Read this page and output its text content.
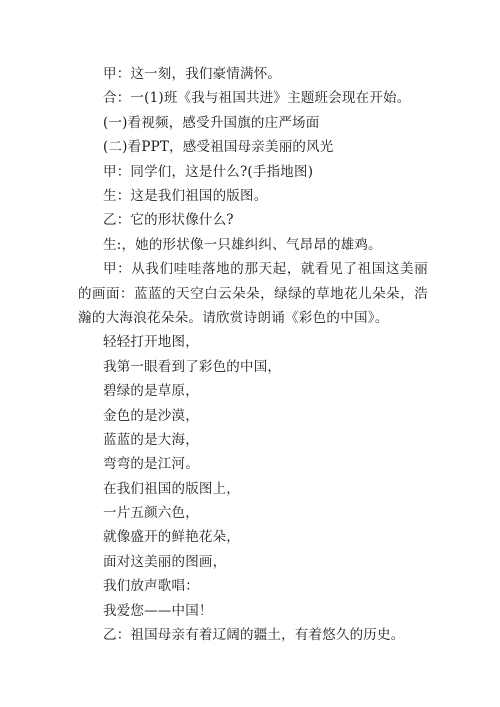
甲：这一刻，我们豪情满怀。
合：一(1)班《我与祖国共进》主题班会现在开始。
(一)看视频，感受升国旗的庄严场面
(二)看PPT，感受祖国母亲美丽的风光
甲：同学们，这是什么?(手指地图)
生：这是我们祖国的版图。
乙：它的形状像什么?
生:，她的形状像一只雄纠纠、气昂昂的雄鸡。

甲：从我们哇哇落地的那天起，就看见了祖国这美丽的画面：蓝蓝的天空白云朵朵，绿绿的草地花儿朵朵，浩瀚的大海浪花朵朵。请欣赏诗朗诵《彩色的中国》。

轻轻打开地图，
我第一眼看到了彩色的中国，
碧绿的是草原，
金色的是沙漠，
蓝蓝的是大海，
弯弯的是江河。
在我们祖国的版图上，
一片五颜六色，
就像盛开的鲜艳花朵，
面对这美丽的图画，
我们放声歌唱：
我爱您——中国！
乙：祖国母亲有着辽阔的疆土，有着悠久的历史。
